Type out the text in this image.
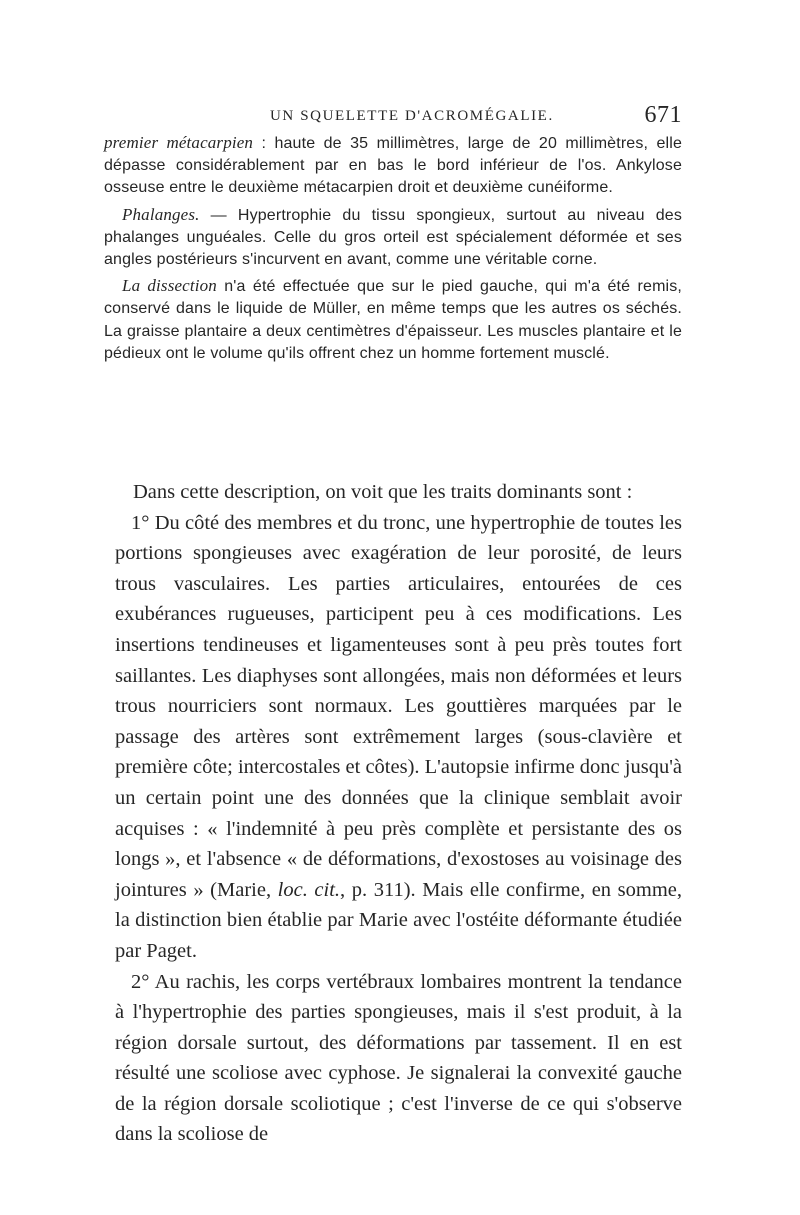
UN SQUELETTE D'ACROMÉGALIE.	671

premier métacarpien : haute de 35 millimètres, large de 20 millimètres, elle dépasse considérablement par en bas le bord inférieur de l'os. Ankylose osseuse entre le deuxième métacarpien droit et deuxième cunéiforme.

Phalanges. — Hypertrophie du tissu spongieux, surtout au niveau des phalanges unguéales. Celle du gros orteil est spécialement déformée et ses angles postérieurs s'incurvent en avant, comme une véritable corne.

La dissection n'a été effectuée que sur le pied gauche, qui m'a été remis, conservé dans le liquide de Müller, en même temps que les autres os séchés. La graisse plantaire a deux centimètres d'épaisseur. Les muscles plantaire et le pédieux ont le volume qu'ils offrent chez un homme fortement musclé.

Dans cette description, on voit que les traits dominants sont :

1° Du côté des membres et du tronc, une hypertrophie de toutes les portions spongieuses avec exagération de leur porosité, de leurs trous vasculaires. Les parties articulaires, entourées de ces exubérances rugueuses, participent peu à ces modifications. Les insertions tendineuses et ligamenteuses sont à peu près toutes fort saillantes. Les diaphyses sont allongées, mais non déformées et leurs trous nourriciers sont normaux. Les gouttières marquées par le passage des artères sont extrêmement larges (sous-clavière et première côte; intercostales et côtes). L'autopsie infirme donc jusqu'à un certain point une des données que la clinique semblait avoir acquises : « l'indemnité à peu près complète et persistante des os longs », et l'absence « de déformations, d'exostoses au voisinage des jointures » (Marie, loc. cit., p. 311). Mais elle confirme, en somme, la distinction bien établie par Marie avec l'ostéite déformante étudiée par Paget.

2° Au rachis, les corps vertébraux lombaires montrent la tendance à l'hypertrophie des parties spongieuses, mais il s'est produit, à la région dorsale surtout, des déformations par tassement. Il en est résulté une scoliose avec cyphose. Je signalerai la convexité gauche de la région dorsale scoliotique ; c'est l'inverse de ce qui s'observe dans la scoliose de
